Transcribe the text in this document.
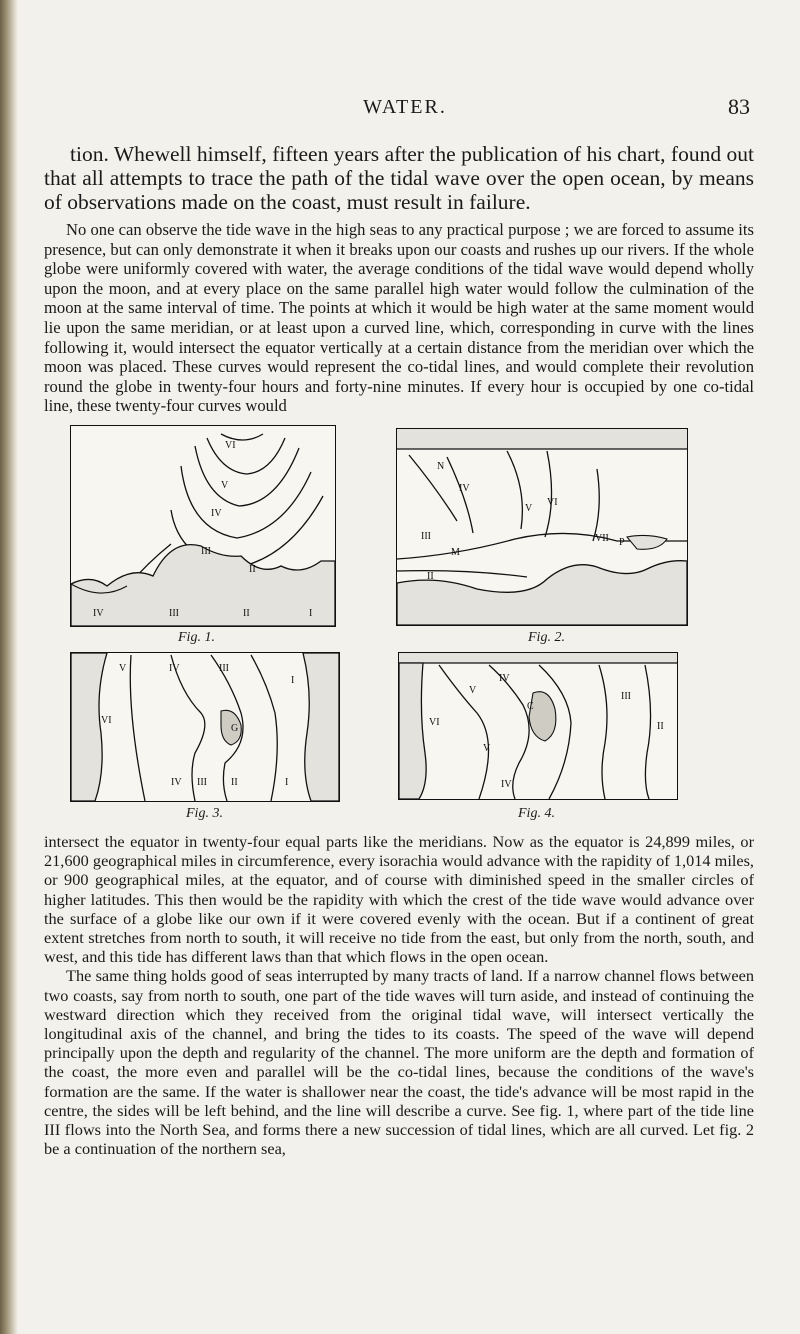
WATER.	83

tion. Whewell himself, fifteen years after the publication of his chart, found out that all attempts to trace the path of the tidal wave over the open ocean, by means of observations made on the coast, must result in failure.

No one can observe the tide wave in the high seas to any practical purpose ; we are forced to assume its presence, but can only demonstrate it when it breaks upon our coasts and rushes up our rivers. If the whole globe were uniformly covered with water, the average conditions of the tidal wave would depend wholly upon the moon, and at every place on the same parallel high water would follow the culmination of the moon at the same interval of time. The points at which it would be high water at the same moment would lie upon the same meridian, or at least upon a curved line, which, corresponding in curve with the lines following it, would intersect the equator vertically at a certain distance from the meridian over which the moon was placed. These curves would represent the co-tidal lines, and would complete their revolution round the globe in twenty-four hours and forty-nine minutes. If every hour is occupied by one co-tidal line, these twenty-four curves would

VI
V
IV
III
II
IV	III	II	I
Fig. 1.
N
IV
V
VI
VII P
III
M
II
Fig. 2.
V	IV	III
I
VI
G
IV III II	I
Fig. 3.
IV
V
III
C
VI	II
V
IV
Fig. 4.

intersect the equator in twenty-four equal parts like the meridians. Now as the equator is 24,899 miles, or 21,600 geographical miles in circumference, every isorachia would advance with the rapidity of 1,014 miles, or 900 geographical miles, at the equator, and of course with diminished speed in the smaller circles of higher latitudes. This then would be the rapidity with which the crest of the tide wave would advance over the surface of a globe like our own if it were covered evenly with the ocean. But if a continent of great extent stretches from north to south, it will receive no tide from the east, but only from the north, south, and west, and this tide has different laws than that which flows in the open ocean.

The same thing holds good of seas interrupted by many tracts of land. If a narrow channel flows between two coasts, say from north to south, one part of the tide waves will turn aside, and instead of continuing the westward direction which they received from the original tidal wave, will intersect vertically the longitudinal axis of the channel, and bring the tides to its coasts. The speed of the wave will depend principally upon the depth and regularity of the channel. The more uniform are the depth and formation of the coast, the more even and parallel will be the co-tidal lines, because the conditions of the wave's formation are the same. If the water is shallower near the coast, the tide's advance will be most rapid in the centre, the sides will be left behind, and the line will describe a curve. See fig. 1, where part of the tide line III flows into the North Sea, and forms there a new succession of tidal lines, which are all curved. Let fig. 2 be a continuation of the northern sea,
